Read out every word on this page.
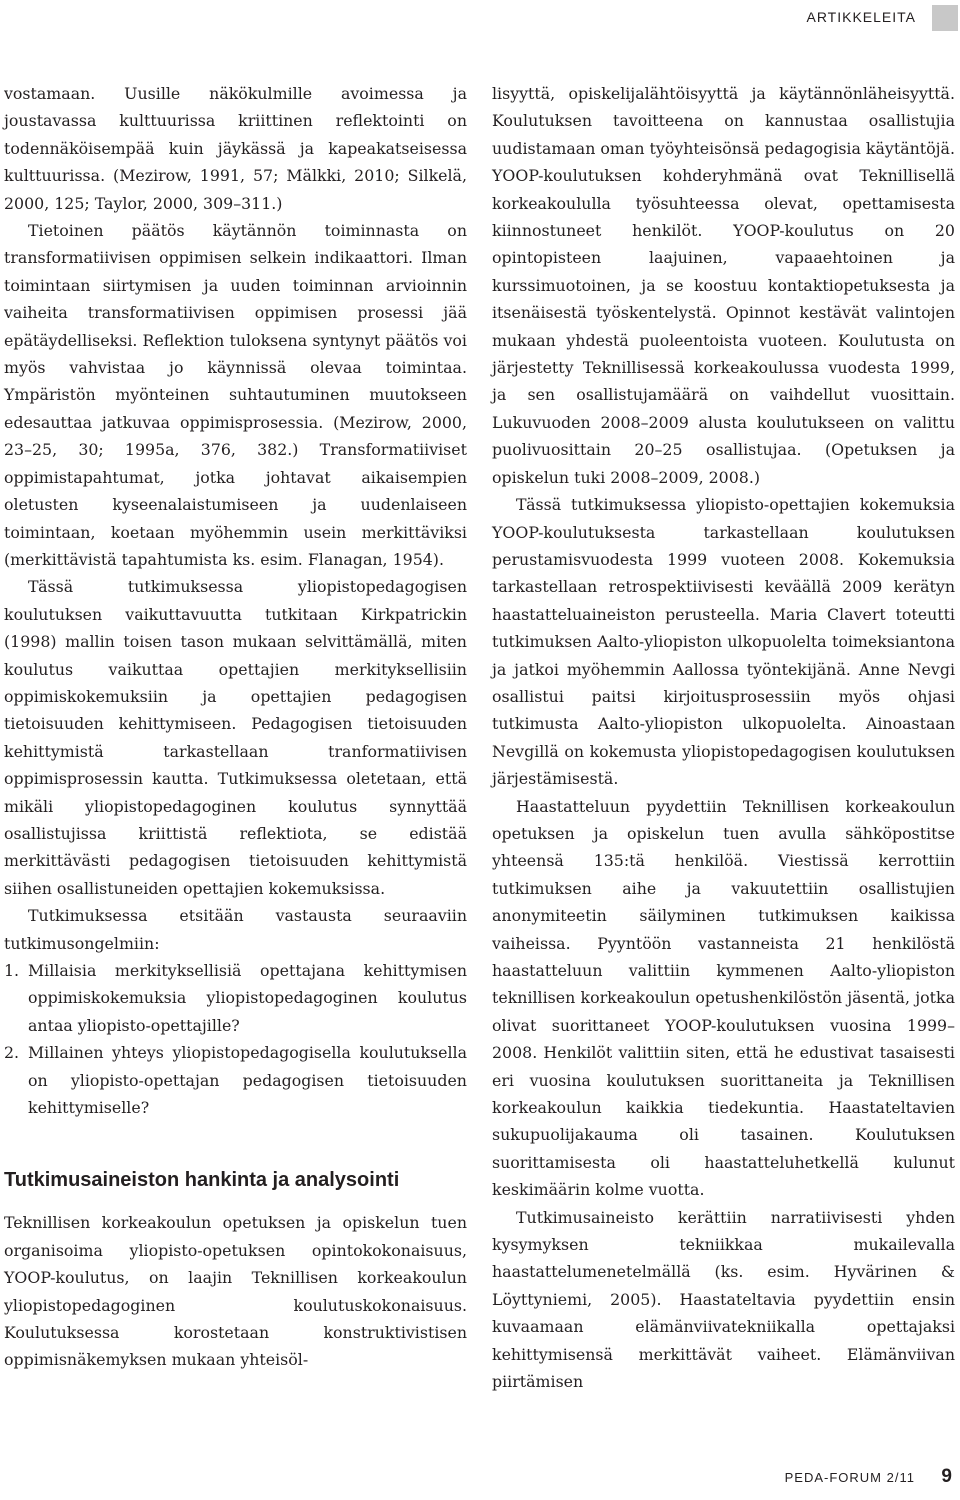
ARTIKKELEITA

vostamaan. Uusille näkökulmille avoimessa ja joustavassa kulttuurissa kriittinen reflektointi on todennäköisempää kuin jäykässä ja kapeakatseisessa kulttuurissa. (Mezirow, 1991, 57; Mälkki, 2010; Silkelä, 2000, 125; Taylor, 2000, 309–311.)

Tietoinen päätös käytännön toiminnasta on transformatiivisen oppimisen selkein indikaattori. Ilman toimintaan siirtymisen ja uuden toiminnan arvioinnin vaiheita transformatiivisen oppimisen prosessi jää epätäydelliseksi. Reflektion tuloksena syntynyt päätös voi myös vahvistaa jo käynnissä olevaa toimintaa. Ympäristön myönteinen suhtautuminen muutokseen edesauttaa jatkuvaa oppimisprosessia. (Mezirow, 2000, 23–25, 30; 1995a, 376, 382.) Transformatiiviset oppimistapahtumat, jotka johtavat aikaisempien oletusten kyseenalaistumiseen ja uudenlaiseen toimintaan, koetaan myöhemmin usein merkittäviksi (merkittävistä tapahtumista ks. esim. Flanagan, 1954).

Tässä tutkimuksessa yliopistopedagogisen koulutuksen vaikuttavuutta tutkitaan Kirkpatrickin (1998) mallin toisen tason mukaan selvittämällä, miten koulutus vaikuttaa opettajien merkityksellisiin oppimiskokemuksiin ja opettajien pedagogisen tietoisuuden kehittymiseen. Pedagogisen tietoisuuden kehittymistä tarkastellaan tranformatiivisen oppimisprosessin kautta. Tutkimuksessa oletetaan, että mikäli yliopistopedagoginen koulutus synnyttää osallistujissa kriittistä reflektiota, se edistää merkittävästi pedagogisen tietoisuuden kehittymistä siihen osallistuneiden opettajien kokemuksissa.

Tutkimuksessa etsitään vastausta seuraaviin tutkimusongelmiin:

1. Millaisia merkityksellisiä opettajana kehittymisen oppimiskokemuksia yliopistopedagoginen koulutus antaa yliopisto-opettajille?
2. Millainen yhteys yliopistopedagogisella koulutuksella on yliopisto-opettajan pedagogisen tietoisuuden kehittymiselle?
Tutkimusaineiston hankinta ja analysointi

Teknillisen korkeakoulun opetuksen ja opiskelun tuen organisoima yliopisto-opetuksen opintokokonaisuus, YOOP-koulutus, on laajin Teknillisen korkeakoulun yliopistopedagoginen koulutuskokonaisuus. Koulutuksessa korostetaan konstruktivistisen oppimisnäkemyksen mukaan yhteisöl-

lisyyttä, opiskelijalähtöisyyttä ja käytännönläheisyyttä. Koulutuksen tavoitteena on kannustaa osallistujia uudistamaan oman työyhteisönsä pedagogisia käytäntöjä. YOOP-koulutuksen kohderyhmänä ovat Teknillisellä korkeakoululla työsuhteessa olevat, opettamisesta kiinnostuneet henkilöt. YOOP-koulutus on 20 opintopisteen laajuinen, vapaaehtoinen ja kurssimuotoinen, ja se koostuu kontaktiopetuksesta ja itsenäisestä työskentelystä. Opinnot kestävät valintojen mukaan yhdestä puoleentoista vuoteen. Koulutusta on järjestetty Teknillisessä korkeakoulussa vuodesta 1999, ja sen osallistujamäärä on vaihdellut vuosittain. Lukuvuoden 2008–2009 alusta koulutukseen on valittu puolivuosittain 20–25 osallistujaa. (Opetuksen ja opiskelun tuki 2008–2009, 2008.)

Tässä tutkimuksessa yliopisto-opettajien kokemuksia YOOP-koulutuksesta tarkastellaan koulutuksen perustamisvuodesta 1999 vuoteen 2008. Kokemuksia tarkastellaan retrospektiivisesti keväällä 2009 kerätyn haastatteluaineiston perusteella. Maria Clavert toteutti tutkimuksen Aalto-yliopiston ulkopuolelta toimeksiantona ja jatkoi myöhemmin Aallossa työntekijänä. Anne Nevgi osallistui paitsi kirjoitusprosessiin myös ohjasi tutkimusta Aalto-yliopiston ulkopuolelta. Ainoastaan Nevgillä on kokemusta yliopistopedagogisen koulutuksen järjestämisestä.

Haastatteluun pyydettiin Teknillisen korkeakoulun opetuksen ja opiskelun tuen avulla sähköpostitse yhteensä 135:tä henkilöä. Viestissä kerrottiin tutkimuksen aihe ja vakuutettiin osallistujien anonymiteetin säilyminen tutkimuksen kaikissa vaiheissa. Pyyntöön vastanneista 21 henkilöstä haastatteluun valittiin kymmenen Aalto-yliopiston teknillisen korkeakoulun opetushenkilöstön jäsentä, jotka olivat suorittaneet YOOP-koulutuksen vuosina 1999–2008. Henkilöt valittiin siten, että he edustivat tasaisesti eri vuosina koulutuksen suorittaneita ja Teknillisen korkeakoulun kaikkia tiedekuntia. Haastateltavien sukupuolijakauma oli tasainen. Koulutuksen suorittamisesta oli haastatteluhetkellä kulunut keskimäärin kolme vuotta.

Tutkimusaineisto kerättiin narratiivisesti yhden kysymyksen tekniikkaa mukailevalla haastattelumenetelmällä (ks. esim. Hyvärinen & Löyttyniemi, 2005). Haastateltavia pyydettiin ensin kuvaamaan elämänviivatekniikalla opettajaksi kehittymisensä merkittävät vaiheet. Elämänviivan piirtämisen

PEDA-FORUM 2/11 9
